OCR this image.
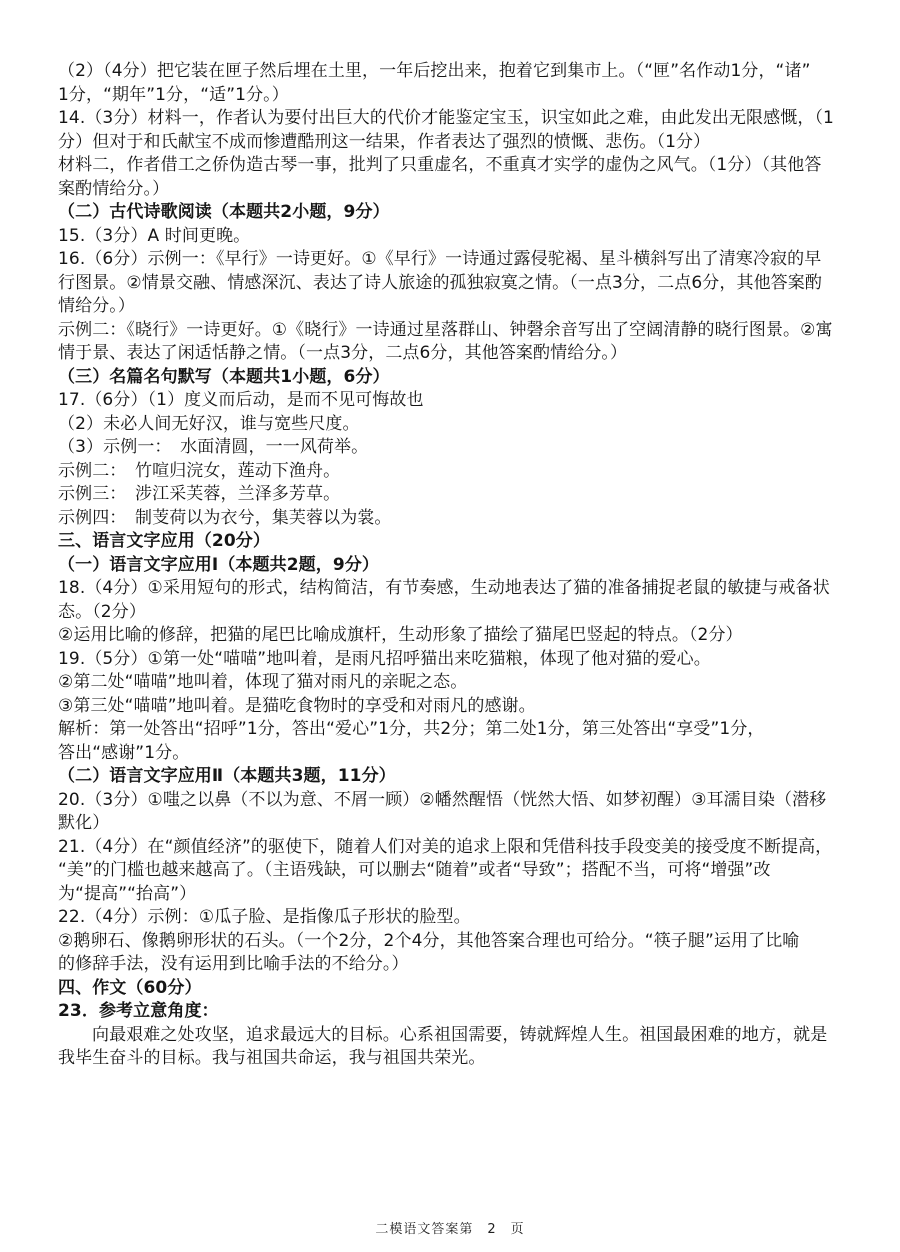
（2）（4分）把它装在匣子然后埋在土里，一年后挖出来，抱着它到集市上。（“匣”名作动1分，“诸”
1分，“期年”1分，“适”1分。）
14.（3分）材料一，作者认为要付出巨大的代价才能鉴定宝玉，识宝如此之难，由此发出无限感慨，（1
分）但对于和氏献宝不成而惨遭酷刑这一结果，作者表达了强烈的愤慨、悲伤。（1分）
材料二，作者借工之侨伪造古琴一事，批判了只重虚名，不重真才实学的虚伪之风气。（1分）（其他答
案酌情给分。）
（二）古代诗歌阅读（本题共2小题，9分）
15.（3分）A 时间更晚。
16.（6分）示例一：《早行》一诗更好。①《早行》一诗通过露侵驼褐、星斗横斜写出了清寒冷寂的早
行图景。②情景交融、情感深沉、表达了诗人旅途的孤独寂寞之情。（一点3分，二点6分，其他答案酌
情给分。）
示例二：《晓行》一诗更好。①《晓行》一诗通过星落群山、钟磬余音写出了空阔清静的晓行图景。②寓
情于景、表达了闲适恬静之情。（一点3分，二点6分，其他答案酌情给分。）
（三）名篇名句默写（本题共1小题，6分）
17.（6分）（1）度义而后动，是而不见可悔故也
（2）未必人间无好汉，谁与宽些尺度。
（3）示例一：　水面清圆，一一风荷举。
示例二：　竹喧归浣女，莲动下渔舟。
示例三：　涉江采芙蓉，兰泽多芳草。
示例四：　制芰荷以为衣兮，集芙蓉以为裳。
三、语言文字应用（20分）
（一）语言文字应用Ⅰ（本题共2题，9分）
18.（4分）①采用短句的形式，结构简洁，有节奏感，生动地表达了猫的准备捕捉老鼠的敏捷与戒备状
态。（2分）
②运用比喻的修辞，把猫的尾巴比喻成旗杆，生动形象了描绘了猫尾巴竖起的特点。（2分）
19.（5分）①第一处“喵喵”地叫着，是雨凡招呼猫出来吃猫粮，体现了他对猫的爱心。
②第二处“喵喵”地叫着，体现了猫对雨凡的亲昵之态。
③第三处“喵喵”地叫着。是猫吃食物时的享受和对雨凡的感谢。
解析：第一处答出“招呼”1分，答出“爱心”1分，共2分；第二处1分，第三处答出“享受”1分，
答出“感谢”1分。
（二）语言文字应用Ⅱ（本题共3题，11分）
20.（3分）①嗤之以鼻（不以为意、不屑一顾）②幡然醒悟（恍然大悟、如梦初醒）③耳濡目染（潜移
默化）
21.（4分）在“颜值经济”的驱使下，随着人们对美的追求上限和凭借科技手段变美的接受度不断提高，
“美”的门槛也越来越高了。（主语残缺，可以删去“随着”或者“导致”；搭配不当，可将“增强”改
为“提高”“抬高”）
22.（4分）示例：①瓜子脸、是指像瓜子形状的脸型。
②鹅卵石、像鹅卵形状的石头。（一个2分，2个4分，其他答案合理也可给分。“筷子腿”运用了比喻
的修辞手法，没有运用到比喻手法的不给分。）
四、作文（60分）
23．参考立意角度：
向最艰难之处攻坚，追求最远大的目标。心系祖国需要，铸就辉煌人生。祖国最困难的地方，就是
我毕生奋斗的目标。我与祖国共命运，我与祖国共荣光。
二模语文答案第　2　页
